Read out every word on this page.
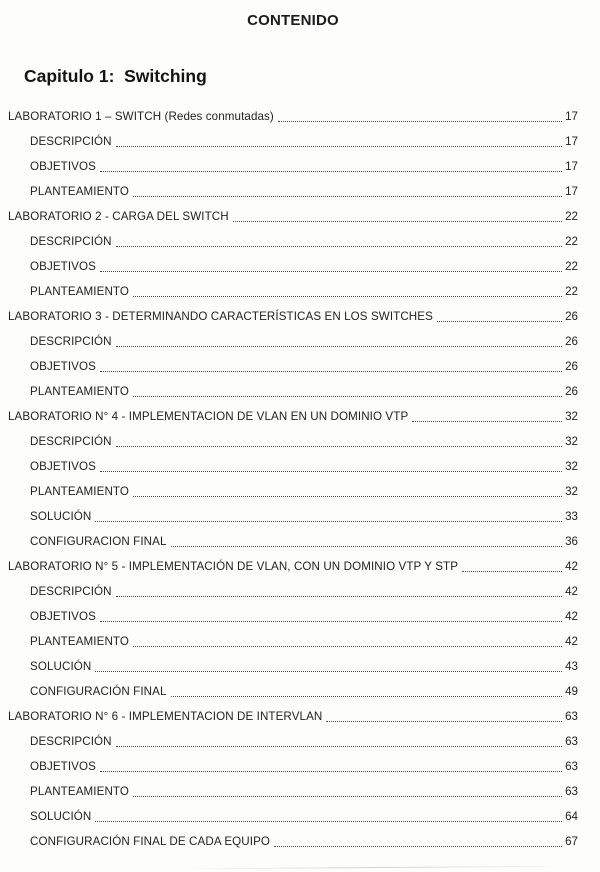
CONTENIDO
Capitulo 1:  Switching
LABORATORIO 1 – SWITCH (Redes conmutadas)	17
DESCRIPCIÓN	17
OBJETIVOS	17
PLANTEAMIENTO	17
LABORATORIO 2 - CARGA DEL SWITCH	22
DESCRIPCIÓN	22
OBJETIVOS	22
PLANTEAMIENTO	22
LABORATORIO 3 - DETERMINANDO CARACTERÍSTICAS EN LOS SWITCHES	26
DESCRIPCIÓN	26
OBJETIVOS	26
PLANTEAMIENTO	26
LABORATORIO N° 4 - IMPLEMENTACION DE VLAN EN UN DOMINIO VTP	32
DESCRIPCIÓN	32
OBJETIVOS	32
PLANTEAMIENTO	32
SOLUCIÓN	33
CONFIGURACION FINAL	36
LABORATORIO N° 5 - IMPLEMENTACIÓN DE VLAN, CON UN DOMINIO VTP Y STP	42
DESCRIPCIÓN	42
OBJETIVOS	42
PLANTEAMIENTO	42
SOLUCIÓN	43
CONFIGURACIÓN FINAL	49
LABORATORIO N° 6 - IMPLEMENTACION DE INTERVLAN	63
DESCRIPCIÓN	63
OBJETIVOS	63
PLANTEAMIENTO	63
SOLUCIÓN	64
CONFIGURACIÓN FINAL DE CADA EQUIPO	67
